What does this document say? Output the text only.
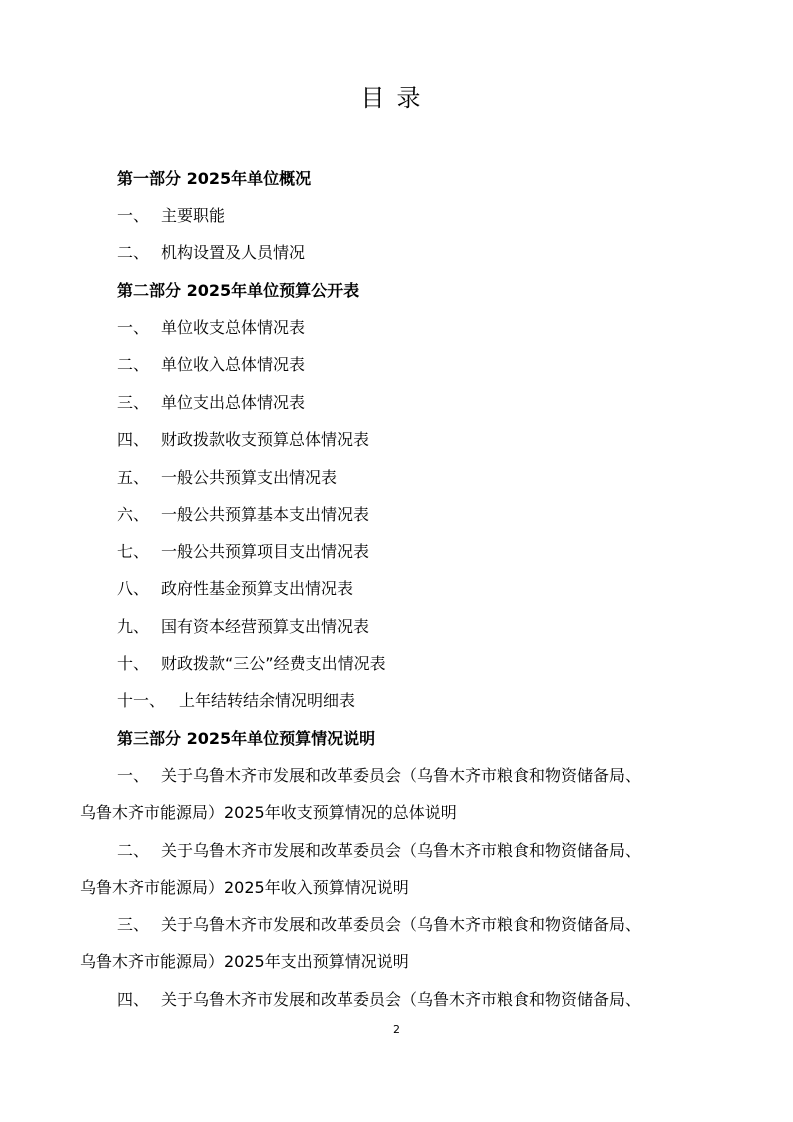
目录
第一部分 2025年单位概况
一、 主要职能
二、 机构设置及人员情况
第二部分 2025年单位预算公开表
一、 单位收支总体情况表
二、 单位收入总体情况表
三、 单位支出总体情况表
四、 财政拨款收支预算总体情况表
五、 一般公共预算支出情况表
六、 一般公共预算基本支出情况表
七、 一般公共预算项目支出情况表
八、 政府性基金预算支出情况表
九、 国有资本经营预算支出情况表
十、 财政拨款“三公”经费支出情况表
十一、 上年结转结余情况明细表
第三部分 2025年单位预算情况说明
一、 关于乌鲁木齐市发展和改革委员会（乌鲁木齐市粮食和物资储备局、
乌鲁木齐市能源局）2025年收支预算情况的总体说明
二、 关于乌鲁木齐市发展和改革委员会（乌鲁木齐市粮食和物资储备局、
乌鲁木齐市能源局）2025年收入预算情况说明
三、 关于乌鲁木齐市发展和改革委员会（乌鲁木齐市粮食和物资储备局、
乌鲁木齐市能源局）2025年支出预算情况说明
四、 关于乌鲁木齐市发展和改革委员会（乌鲁木齐市粮食和物资储备局、
2
